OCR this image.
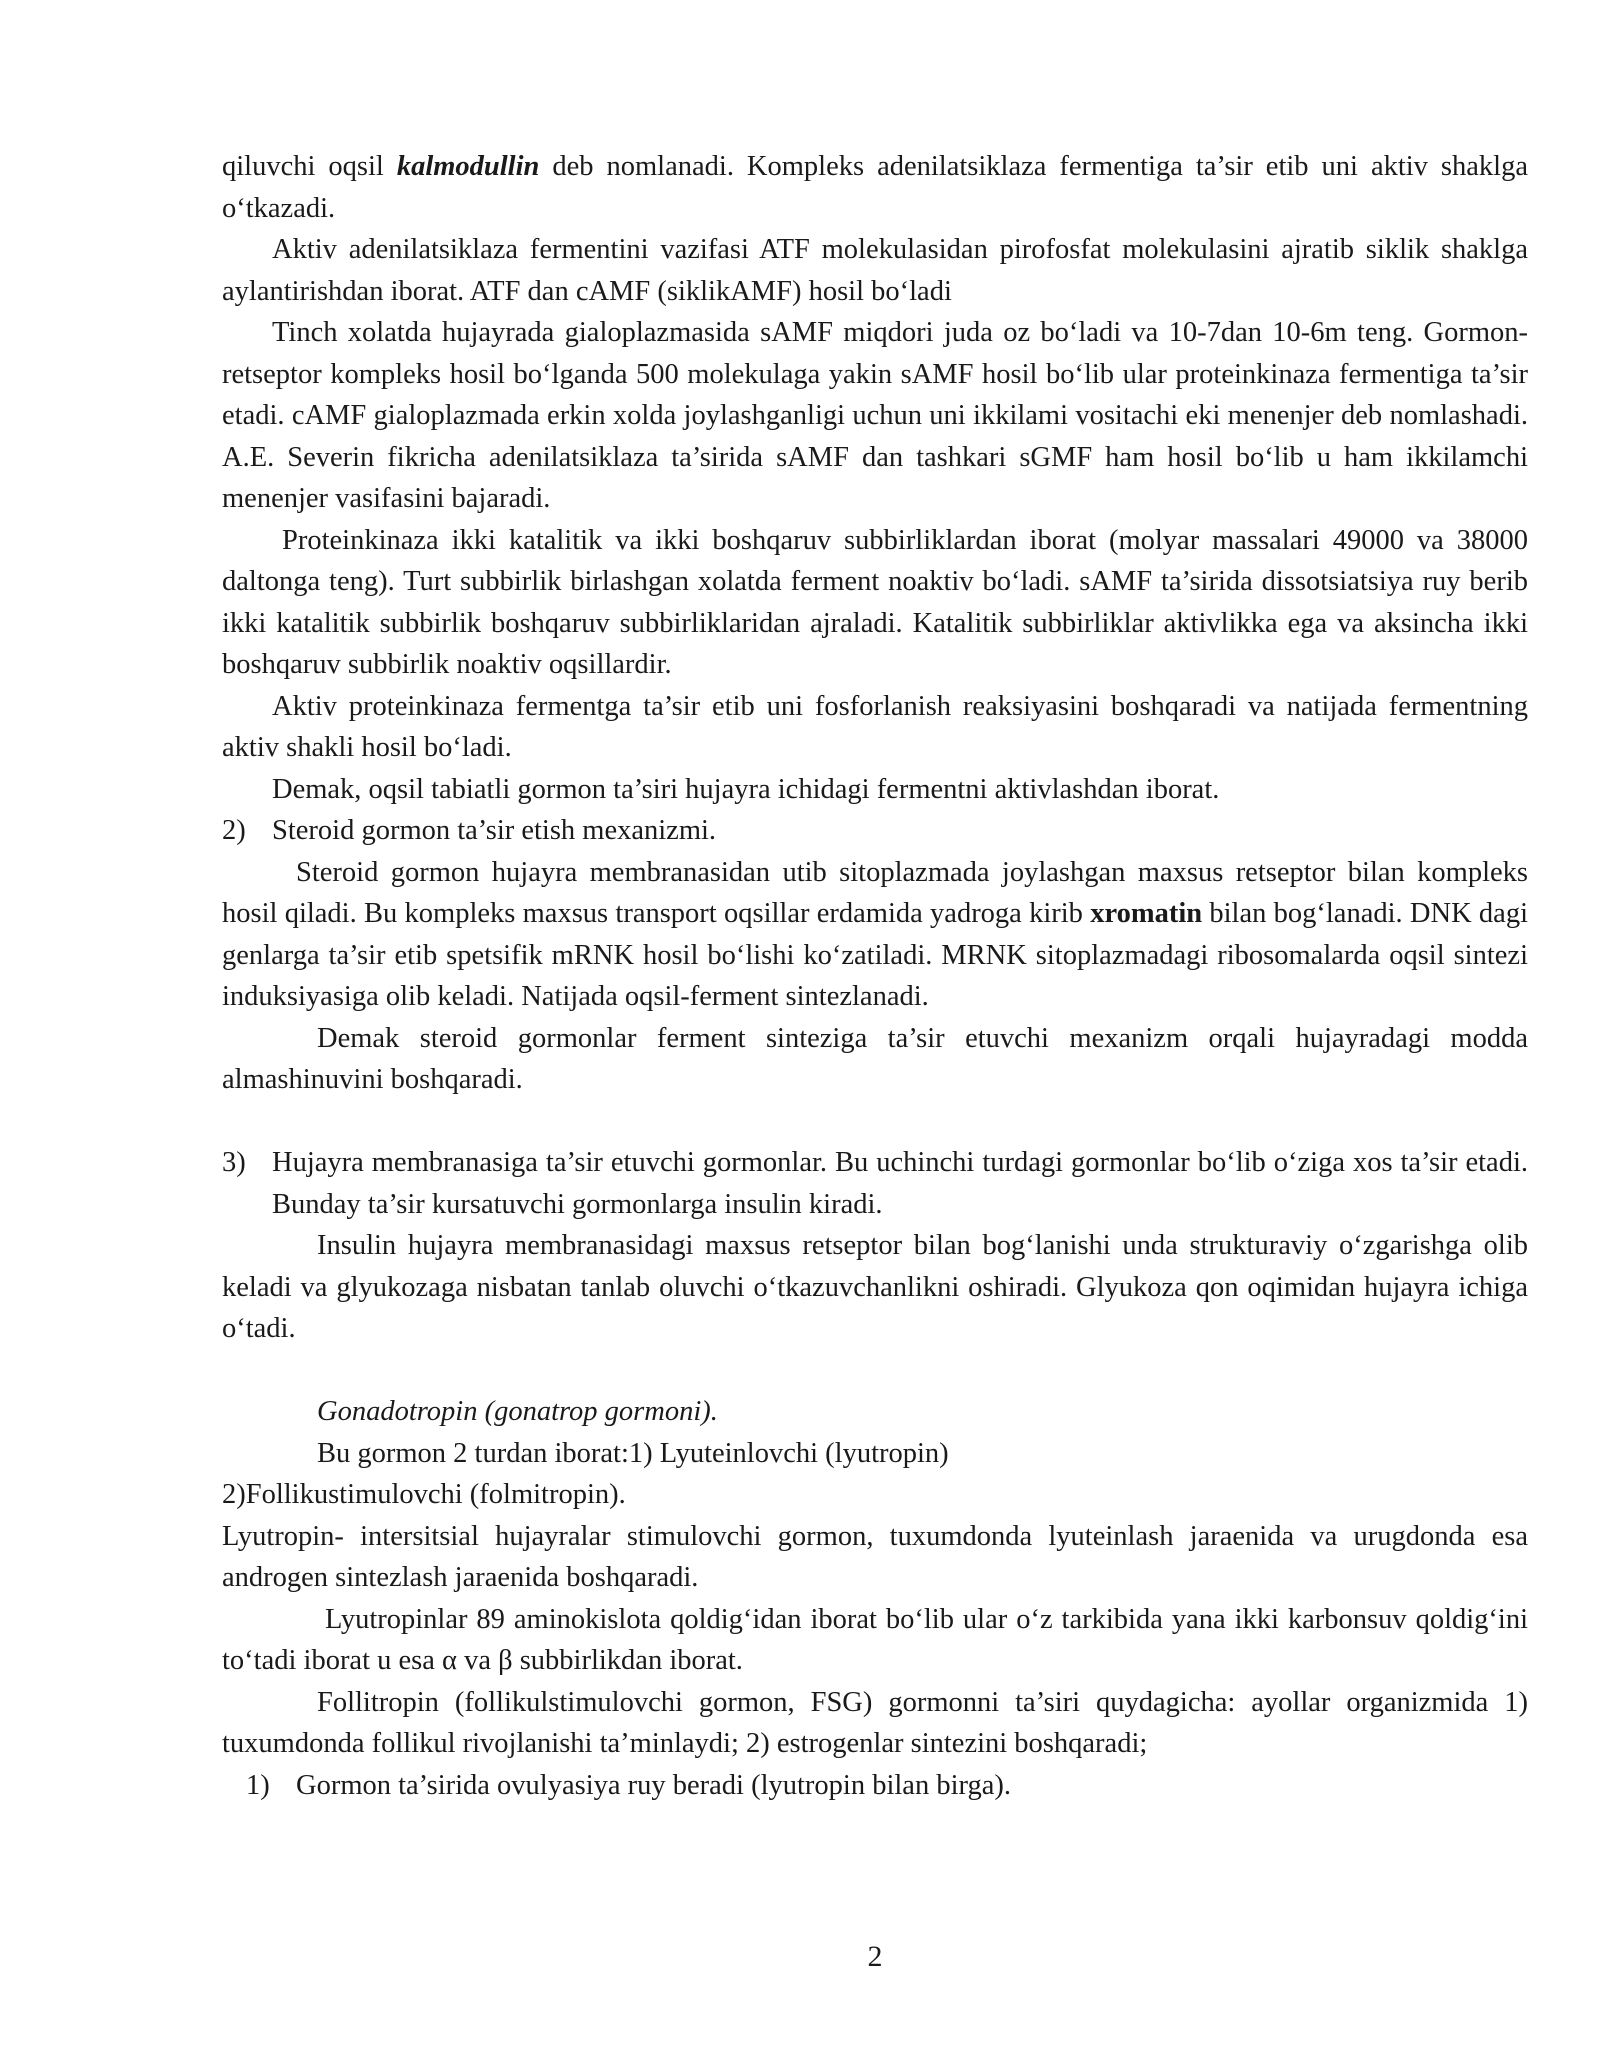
qiluvchi oqsil kalmodullin deb nomlanadi. Kompleks adenilatsiklaza fermentiga ta’sir etib uni aktiv shaklga o‘tkazadi.

Aktiv adenilatsiklaza fermentini vazifasi ATF molekulasidan pirofosfat molekulasini ajratib siklik shaklga aylantirishdan iborat. ATF dan cAMF (siklikAMF) hosil bo‘ladi

Tinch xolatda hujayrada gialoplazmasida sAMF miqdori juda oz bo‘ladi va 10-7dan 10-6m teng. Gormon-retseptor kompleks hosil bo‘lganda 500 molekulaga yakin sAMF hosil bo‘lib ular proteinkinaza fermentiga ta’sir etadi. cAMF gialoplazmada erkin xolda joylashganligi uchun uni ikkilami vositachi eki menenjer deb nomlashadi. A.E. Severin fikricha adenilatsiklaza ta’sirida sAMF dan tashkari sGMF ham hosil bo‘lib u ham ikkilamchi menenjer vasifasini bajaradi.

Proteinkinaza ikki katalitik va ikki boshqaruv subbirliklardan iborat (molyar massalari 49000 va 38000 daltonga teng). Turt subbirlik birlashgan xolatda ferment noaktiv bo‘ladi. sAMF ta’sirida dissotsiatsiya ruy berib ikki katalitik subbirlik boshqaruv subbirliklaridan ajraladi. Katalitik subbirliklar aktivlikka ega va aksincha ikki boshqaruv subbirlik noaktiv oqsillardir.

Aktiv proteinkinaza fermentga ta’sir etib uni fosforlanish reaksiyasini boshqaradi va natijada fermentning aktiv shakli hosil bo‘ladi.

Demak, oqsil tabiatli gormon ta’siri hujayra ichidagi fermentni aktivlashdan iborat.

2) Steroid gormon ta’sir etish mexanizmi.

Steroid gormon hujayra membranasidan utib sitoplazmada joylashgan maxsus retseptor bilan kompleks hosil qiladi. Bu kompleks maxsus transport oqsillar erdamida yadroga kirib xromatin bilan bog‘lanadi. DNK dagi genlarga ta’sir etib spetsifik mRNK hosil bo‘lishi ko‘zatiladi. MRNK sitoplazmadagi ribosomalarda oqsil sintezi induksiyasiga olib keladi. Natijada oqsil-ferment sintezlanadi.

Demak steroid gormonlar ferment sinteziga ta’sir etuvchi mexanizm orqali hujayradagi modda almashinuvini boshqaradi.

3) Hujayra membranasiga ta’sir etuvchi gormonlar. Bu uchinchi turdagi gormonlar bo‘lib o‘ziga xos ta’sir etadi. Bunday ta’sir kursatuvchi gormonlarga insulin kiradi.

Insulin hujayra membranasidagi maxsus retseptor bilan bog‘lanishi unda strukturaviy o‘zgarishga olib keladi va glyukozaga nisbatan tanlab oluvchi o‘tkazuvchanlikni oshiradi. Glyukoza qon oqimidan hujayra ichiga o‘tadi.

Gonadotropin (gonatrop gormoni).

Bu gormon 2 turdan iborat:1) Lyuteinlovchi (lyutropin)

2)Follikustimulovchi (folmitropin).

Lyutropin- intersitsial hujayralar stimulovchi gormon, tuxumdonda lyuteinlash jaraenida va urugdonda esa androgen sintezlash jaraenida boshqaradi.

Lyutropinlar 89 aminokislota qoldig‘idan iborat bo‘lib ular o‘z tarkibida yana ikki karbonsuv qoldig‘ini to‘tadi iborat u esa α va β subbirlikdan iborat.

Follitropin (follikulstimulovchi gormon, FSG) gormonni ta’siri quydagicha: ayollar organizmida 1) tuxumdonda follikul rivojlanishi ta’minlaydi; 2) estrogenlar sintezini boshqaradi;

1) Gormon ta’sirida ovulyasiya ruy beradi (lyutropin bilan birga).
2
